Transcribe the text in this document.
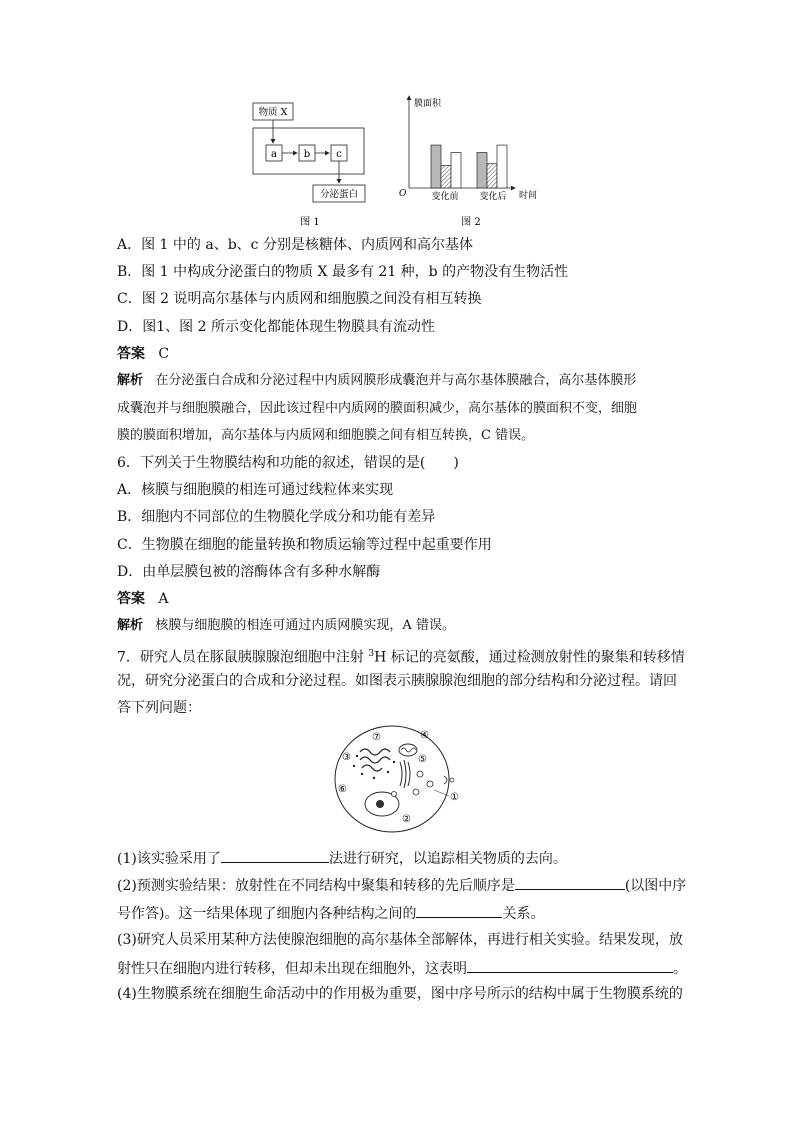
物质 X
a	b	c
分泌蛋白
图 1
膜面积
O	时间
变化前 变化后
图 2
A．图 1 中的 a、b、c 分别是核糖体、内质网和高尔基体
B．图 1 中构成分泌蛋白的物质 X 最多有 21 种，b 的产物没有生物活性
C．图 2 说明高尔基体与内质网和细胞膜之间没有相互转换
D．图1、图 2 所示变化都能体现生物膜具有流动性
答案 C
解析 在分泌蛋白合成和分泌过程中内质网膜形成囊泡并与高尔基体膜融合，高尔基体膜形
成囊泡并与细胞膜融合，因此该过程中内质网的膜面积减少，高尔基体的膜面积不变，细胞
膜的膜面积增加，高尔基体与内质网和细胞膜之间有相互转换，C 错误。
6．下列关于生物膜结构和功能的叙述，错误的是(　　)
A．核膜与细胞膜的相连可通过线粒体来实现
B．细胞内不同部位的生物膜化学成分和功能有差异
C．生物膜在细胞的能量转换和物质运输等过程中起重要作用
D．由单层膜包被的溶酶体含有多种水解酶
答案 A
解析 核膜与细胞膜的相连可通过内质网膜实现，A 错误。
7．研究人员在豚鼠胰腺腺泡细胞中注射 $^3$H 标记的亮氨酸，通过检测放射性的聚集和转移情
况，研究分泌蛋白的合成和分泌过程。如图表示胰腺腺泡细胞的部分结构和分泌过程。请回
答下列问题：
①
②
③
④
⑤
⑥
⑦
(1)该实验采用了	法进行研究，以追踪相关物质的去向。
(2)预测实验结果：放射性在不同结构中聚集和转移的先后顺序是	(以图中序
号作答)。这一结果体现了细胞内各种结构之间的	关系。
(3)研究人员采用某种方法使腺泡细胞的高尔基体全部解体，再进行相关实验。结果发现，放
射性只在细胞内进行转移，但却未出现在细胞外，这表明	。
(4)生物膜系统在细胞生命活动中的作用极为重要，图中序号所示的结构中属于生物膜系统的
